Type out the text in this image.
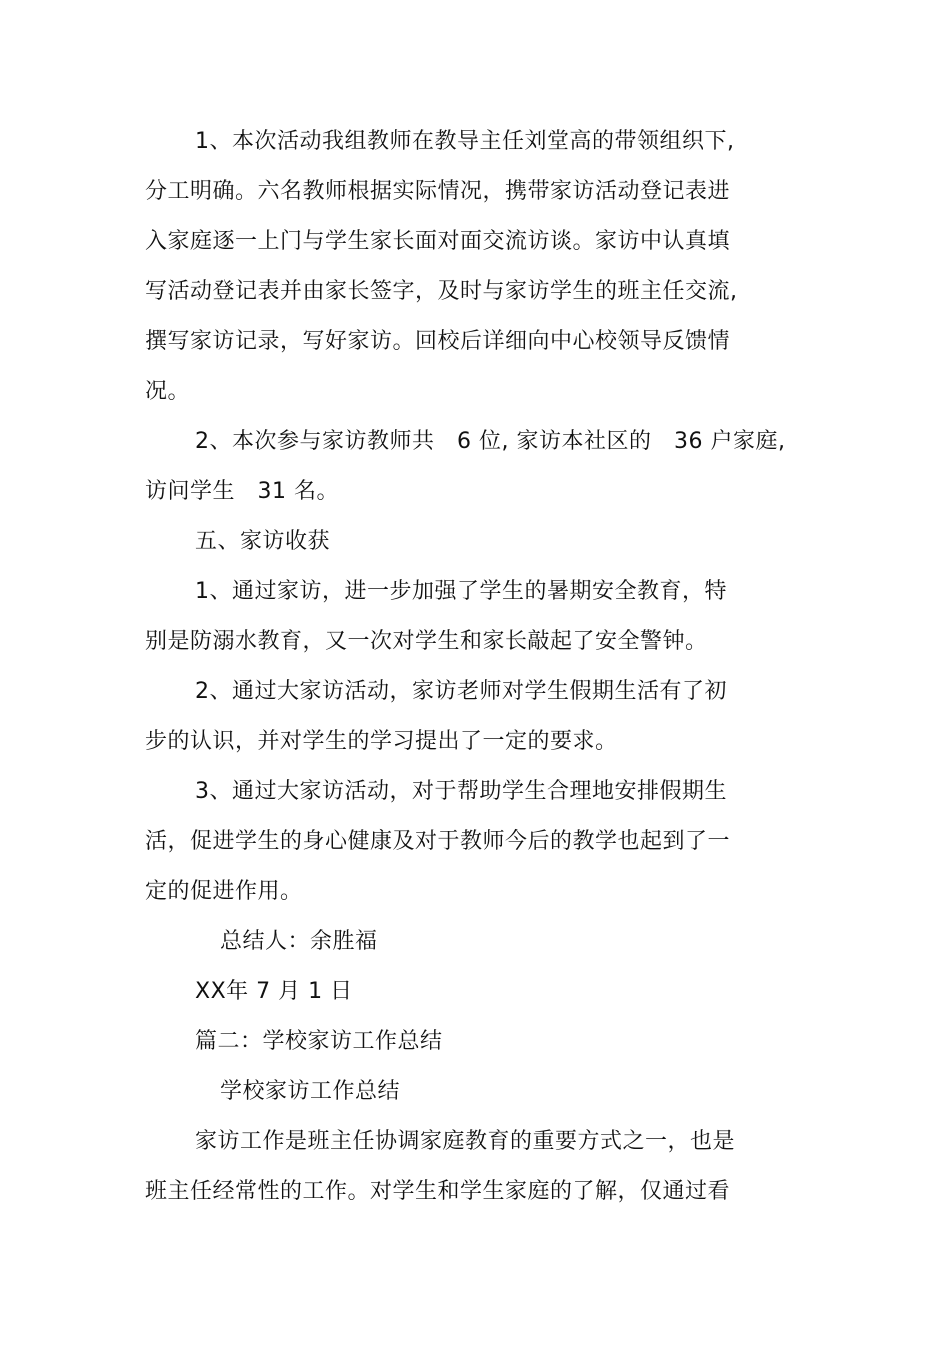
1、本次活动我组教师在教导主任刘堂高的带领组织下,
分工明确。六名教师根据实际情况，携带家访活动登记表进
入家庭逐一上门与学生家长面对面交流访谈。家访中认真填
写活动登记表并由家长签字，及时与家访学生的班主任交流,
撰写家访记录，写好家访。回校后详细向中心校领导反馈情
况。
2、本次参与家访教师共　6 位, 家访本社区的　36 户家庭,
访问学生　31 名。
五、家访收获
1、通过家访，进一步加强了学生的暑期安全教育，特
别是防溺水教育，又一次对学生和家长敲起了安全警钟。
2、通过大家访活动，家访老师对学生假期生活有了初
步的认识，并对学生的学习提出了一定的要求。
3、通过大家访活动，对于帮助学生合理地安排假期生
活，促进学生的身心健康及对于教师今后的教学也起到了一
定的促进作用。
总结人：余胜福
XX年 7 月 1 日
篇二：学校家访工作总结
学校家访工作总结
家访工作是班主任协调家庭教育的重要方式之一，也是
班主任经常性的工作。对学生和学生家庭的了解，仅通过看
